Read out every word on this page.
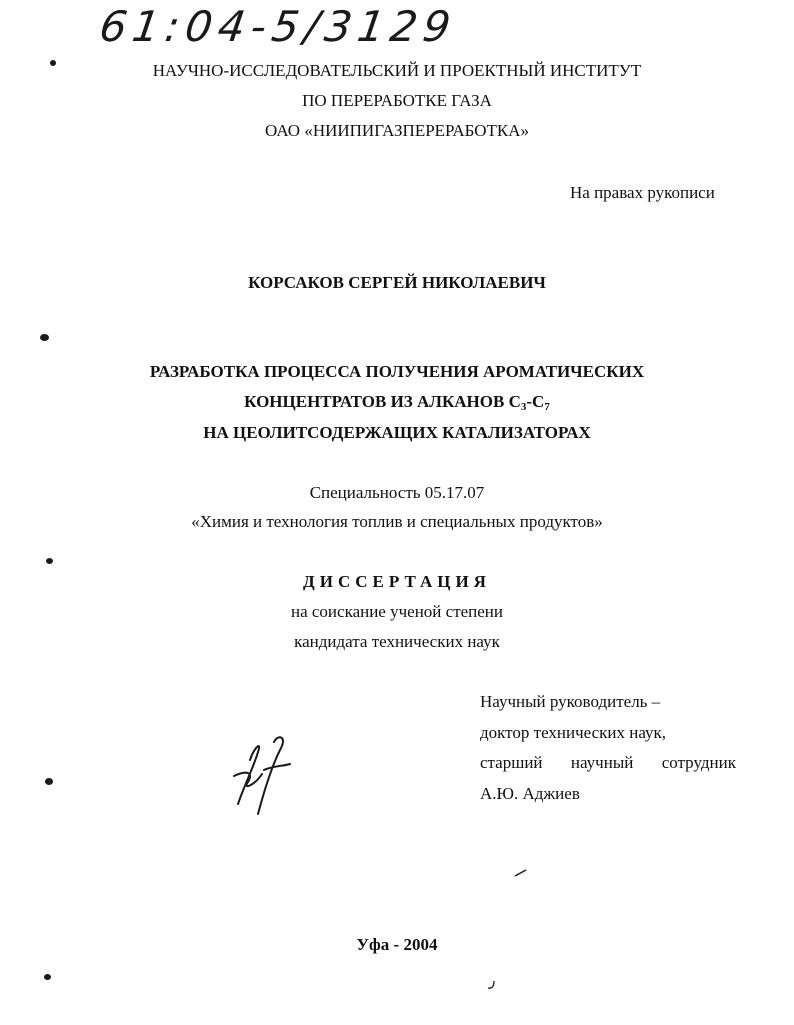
61:04-5/3129
НАУЧНО-ИССЛЕДОВАТЕЛЬСКИЙ И ПРОЕКТНЫЙ ИНСТИТУТ
ПО ПЕРЕРАБОТКЕ ГАЗА
ОАО «НИИПИГАЗПЕРЕРАБОТКА»
На правах рукописи
КОРСАКОВ СЕРГЕЙ НИКОЛАЕВИЧ
РАЗРАБОТКА ПРОЦЕССА ПОЛУЧЕНИЯ АРОМАТИЧЕСКИХ
КОНЦЕНТРАТОВ ИЗ АЛКАНОВ $С_3-С_7$
НА ЦЕОЛИТСОДЕРЖАЩИХ КАТАЛИЗАТОРАХ
Специальность 05.17.07
«Химия и технология топлив и специальных продуктов»
ДИССЕРТАЦИЯ
на соискание ученой степени
кандидата технических наук
Научный руководитель –
доктор технических наук,
старший научный сотрудник
А.Ю. Аджиев
Уфа - 2004
